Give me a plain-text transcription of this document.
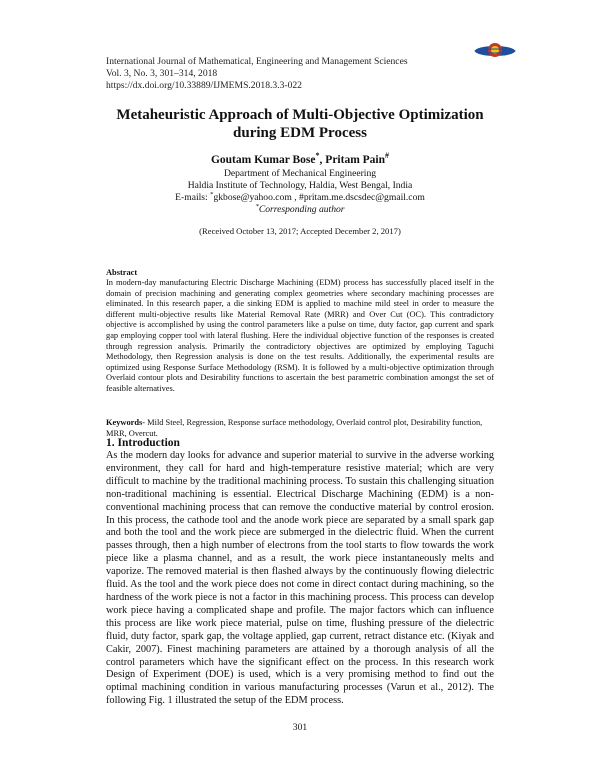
International Journal of Mathematical, Engineering and Management Sciences
Vol. 3, No. 3, 301–314, 2018
https://dx.doi.org/10.33889/IJMEMS.2018.3.3-022
Metaheuristic Approach of Multi-Objective Optimization during EDM Process
Goutam Kumar Bose*, Pritam Pain#
Department of Mechanical Engineering
Haldia Institute of Technology, Haldia, West Bengal, India
E-mails: *gkbose@yahoo.com , #pritam.me.dscsdec@gmail.com
*Corresponding author
(Received October 13, 2017; Accepted December 2, 2017)
Abstract
In modern-day manufacturing Electric Discharge Machining (EDM) process has successfully placed itself in the domain of precision machining and generating complex geometries where secondary machining processes are eliminated. In this research paper, a die sinking EDM is applied to machine mild steel in order to measure the different multi-objective results like Material Removal Rate (MRR) and Over Cut (OC). This contradictory objective is accomplished by using the control parameters like a pulse on time, duty factor, gap current and spark gap employing copper tool with lateral flushing. Here the individual objective function of the responses is created through regression analysis. Primarily the contradictory objectives are optimized by employing Taguchi Methodology, then Regression analysis is done on the test results. Additionally, the experimental results are optimized using Response Surface Methodology (RSM). It is followed by a multi-objective optimization through Overlaid contour plots and Desirability functions to ascertain the best parametric combination amongst the set of feasible alternatives.
Keywords- Mild Steel, Regression, Response surface methodology, Overlaid control plot, Desirability function, MRR, Overcut.
1. Introduction
As the modern day looks for advance and superior material to survive in the adverse working environment, they call for hard and high-temperature resistive material; which are very difficult to machine by the traditional machining process. To sustain this challenging situation non-traditional machining is essential. Electrical Discharge Machining (EDM) is a non-conventional machining process that can remove the conductive material by control erosion. In this process, the cathode tool and the anode work piece are separated by a small spark gap and both the tool and the work piece are submerged in the dielectric fluid. When the current passes through, then a high number of electrons from the tool starts to flow towards the work piece like a plasma channel, and as a result, the work piece instantaneously melts and vaporize. The removed material is then flashed always by the continuously flowing dielectric fluid. As the tool and the work piece does not come in direct contact during machining, so the hardness of the work piece is not a factor in this machining process. This process can develop work piece having a complicated shape and profile. The major factors which can influence this process are like work piece material, pulse on time, flushing pressure of the dielectric fluid, duty factor, spark gap, the voltage applied, gap current, retract distance etc. (Kiyak and Cakir, 2007). Finest machining parameters are attained by a thorough analysis of all the control parameters which have the significant effect on the process. In this research work Design of Experiment (DOE) is used, which is a very promising method to find out the optimal machining condition in various manufacturing processes (Varun et al., 2012). The following Fig. 1 illustrated the setup of the EDM process.
301
